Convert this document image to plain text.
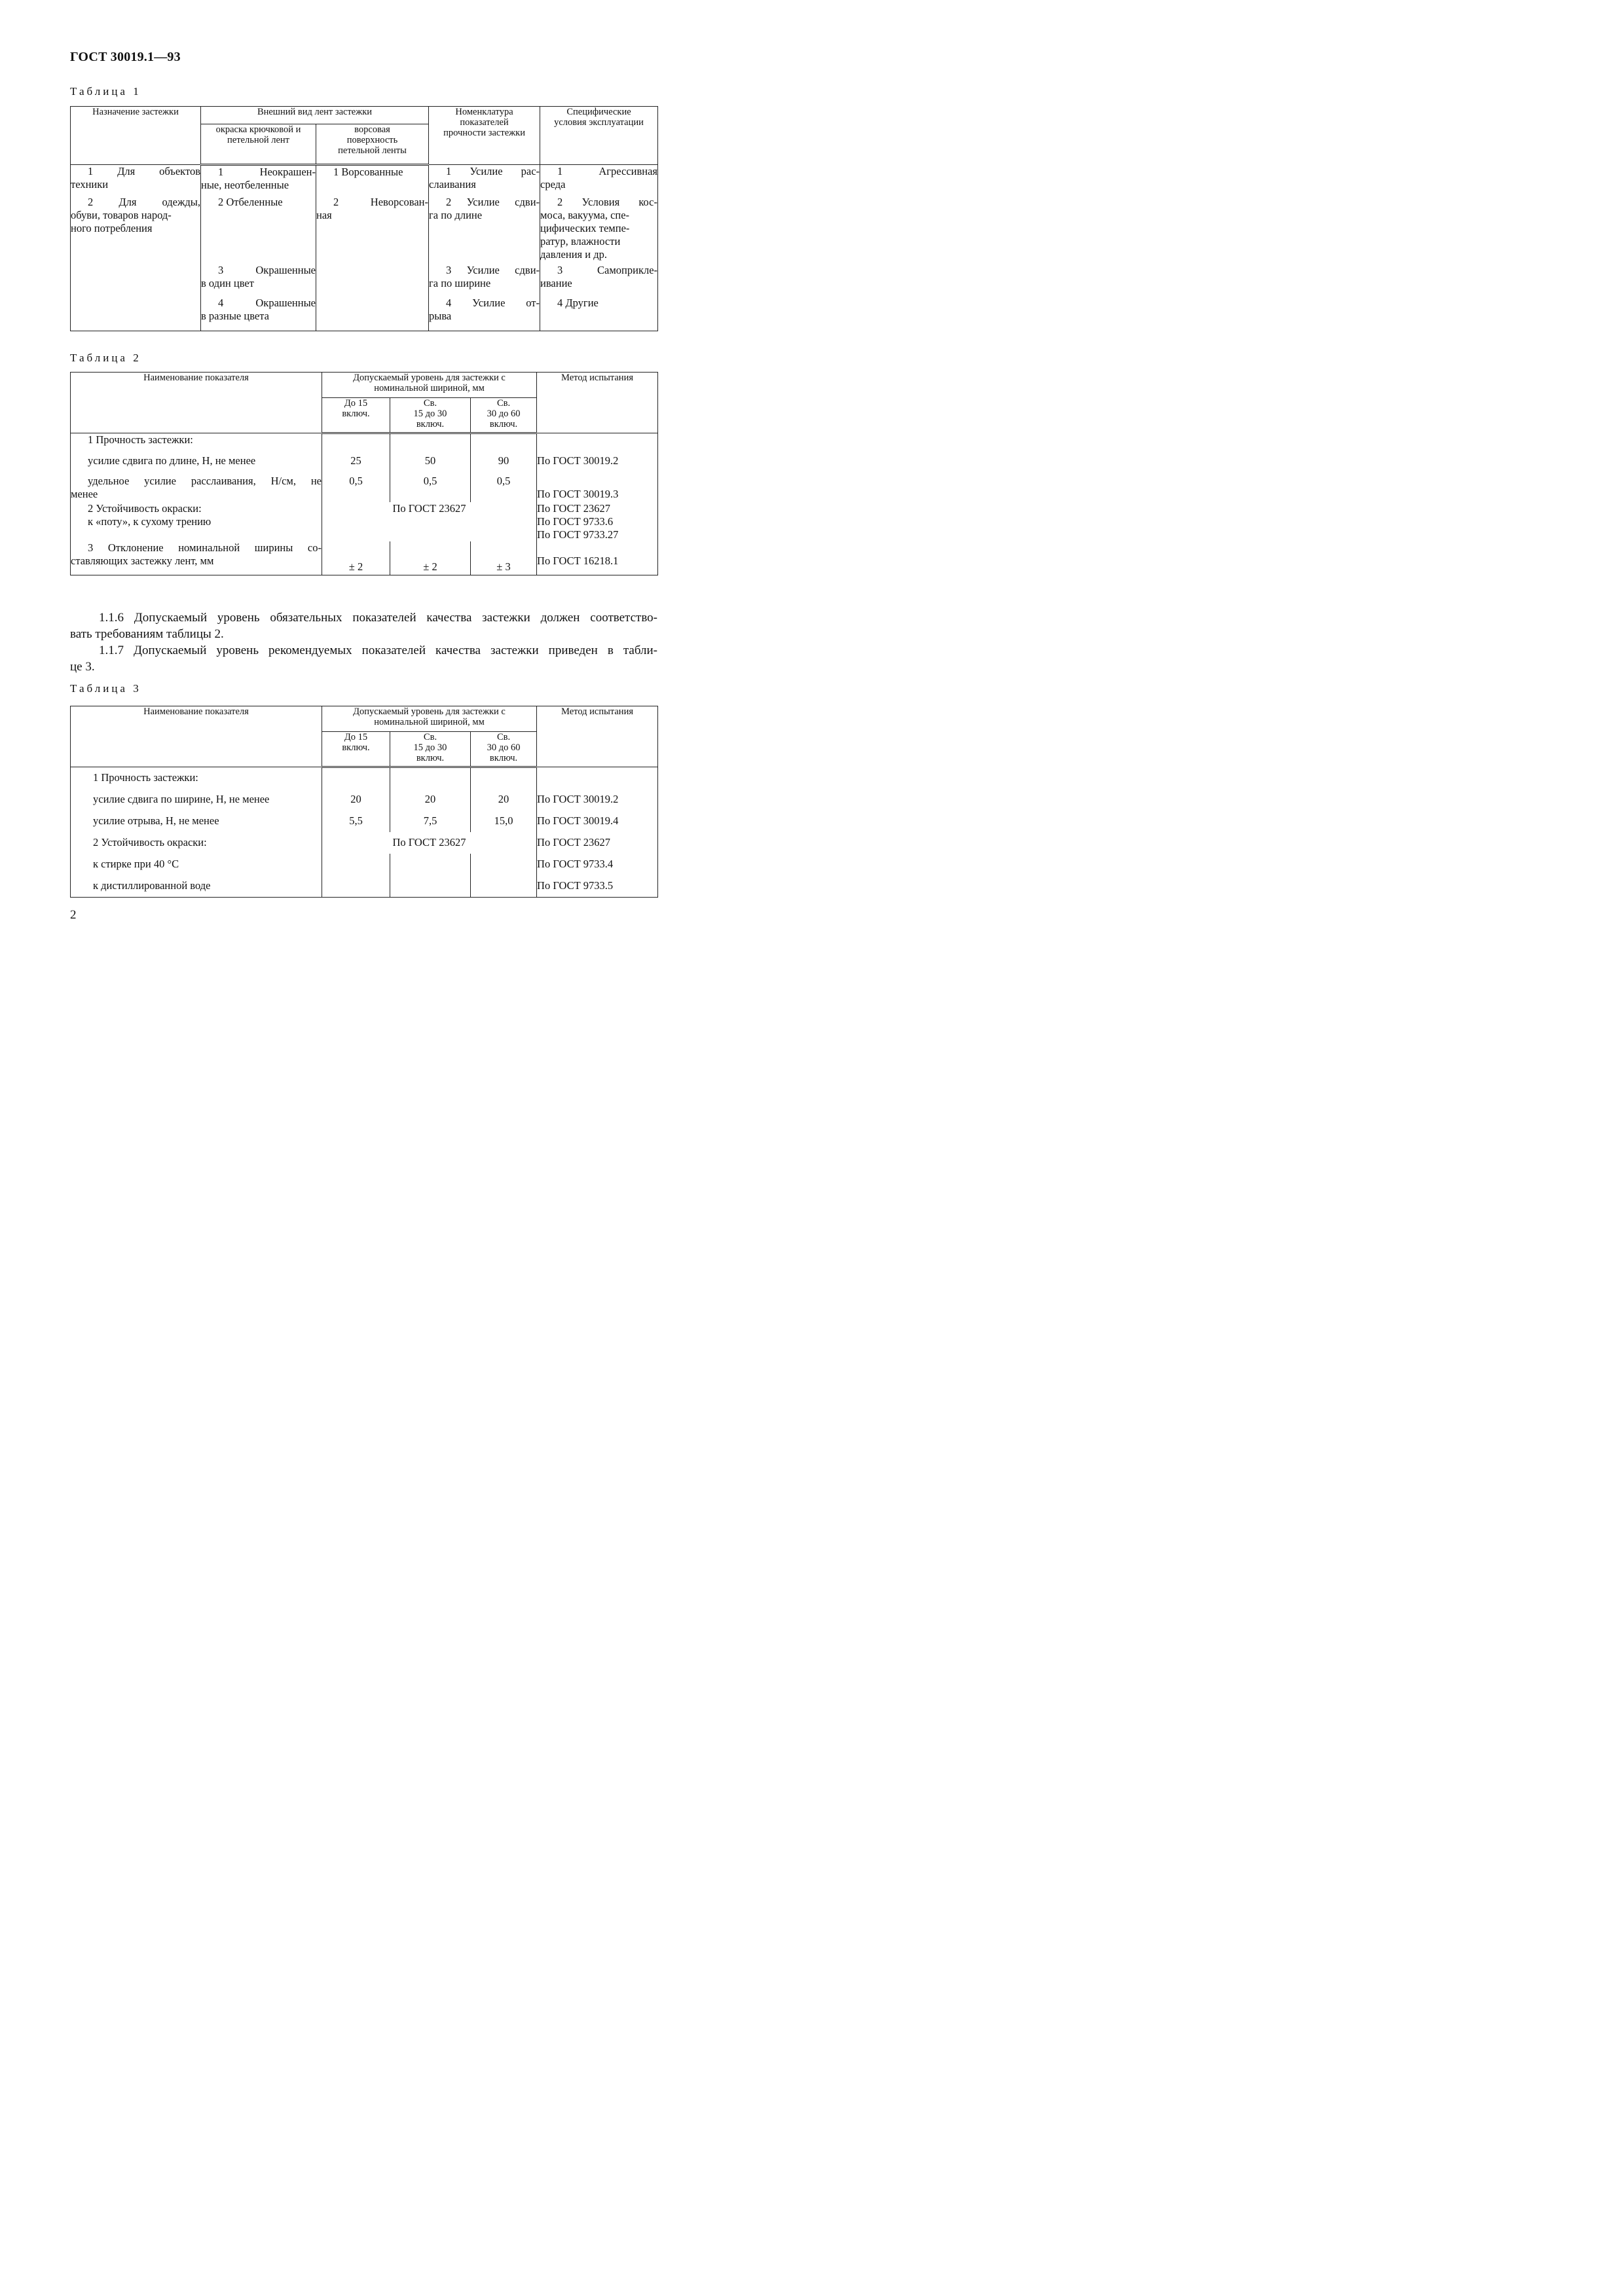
ГОСТ 30019.1—93
Таблица 1
Назначение застежки	Внешний вид лент застежки		Номенклатура
показателей
прочности застежки	Специфические
условия эксплуатации

	окраска крючковой и
петельной лент	ворсовая
поверхность
петельной ленты		

1 Для объектов
техники	1 Неокрашен-
ные, неотбеленные	1 Ворсованные	1 Усилие рас-
слаивания	1 Агрессивная
среда

2 Для одежды,
обуви, товаров народ-
ного потребления	2 Отбеленные	2 Неворсован-
ная	2 Усилие сдви-
га по длине	2 Условия кос-
моса, вакуума, спе-
цифических темпе-
ратур, влажности
давления и др.

	3 Окрашенные
в один цвет		3 Усилие сдви-
га по ширине	3 Самоприкле-
ивание

	4 Окрашенные
в разные цвета		4 Усилие от-
рыва	4 Другие
Таблица 2
Наименование показателя	Допускаемый уровень для застежки с
номинальной шириной, мм			Метод испытания

	До 15
включ.	Св.
15 до 30
включ.	Св.
30 до 60
включ.	

1 Прочность застежки:				

усилие сдвига по длине, Н, не менее	25	50	90	По ГОСТ 30019.2

удельное усилие расслаивания, Н/см, не
менее	0,5	0,5	0,5	По ГОСТ 30019.3

2 Устойчивость окраски:
к «поту», к сухому трению	По ГОСТ 23627			По ГОСТ 23627
По ГОСТ 9733.6
По ГОСТ 9733.27

3 Отклонение номинальной ширины со-
ставляющих застежку лент, мм	± 2	± 2	± 3	По ГОСТ 16218.1
1.1.6 Допускаемый уровень обязательных показателей качества застежки должен соответство-
вать требованиям таблицы 2.
1.1.7 Допускаемый уровень рекомендуемых показателей качества застежки приведен в табли-
це 3.
Таблица 3
Наименование показателя	Допускаемый уровень для застежки с
номинальной шириной, мм			Метод испытания

	До 15
включ.	Св.
15 до 30
включ.	Св.
30 до 60
включ.	

1 Прочность застежки:				
усилие сдвига по ширине, Н, не менее	20	20	20	По ГОСТ 30019.2
усилие отрыва, Н, не менее	5,5	7,5	15,0	По ГОСТ 30019.4
2 Устойчивость окраски:	По ГОСТ 23627			По ГОСТ 23627
к стирке при 40 °С				По ГОСТ 9733.4
к дистиллированной воде				По ГОСТ 9733.5
2
